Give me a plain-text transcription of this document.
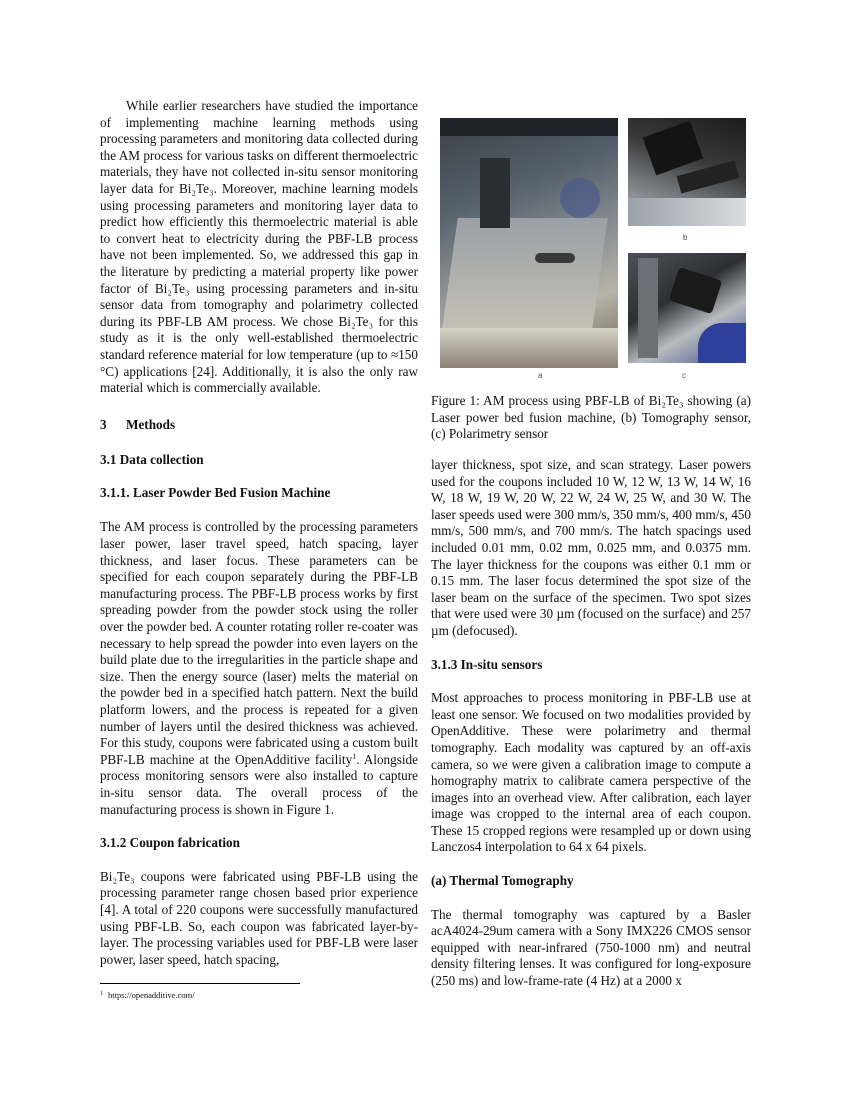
While earlier researchers have studied the importance of implementing machine learning methods using processing parameters and monitoring data collected during the AM process for various tasks on different thermoelectric materials, they have not collected in-situ sensor monitoring layer data for Bi₂Te₃. Moreover, machine learning models using processing parameters and monitoring layer data to predict how efficiently this thermoelectric material is able to convert heat to electricity during the PBF-LB process have not been implemented. So, we addressed this gap in the literature by predicting a material property like power factor of Bi₂Te₃ using processing parameters and in-situ sensor data from tomography and polarimetry collected during its PBF-LB AM process. We chose Bi₂Te₃ for this study as it is the only well-established thermoelectric standard reference material for low temperature (up to ≈150 °C) applications [24]. Additionally, it is also the only raw material which is commercially available.

3 Methods

3.1 Data collection

3.1.1. Laser Powder Bed Fusion Machine

The AM process is controlled by the processing parameters laser power, laser travel speed, hatch spacing, layer thickness, and laser focus. These parameters can be specified for each coupon separately during the PBF-LB manufacturing process. The PBF-LB process works by first spreading powder from the powder stock using the roller over the powder bed. A counter rotating roller re-coater was necessary to help spread the powder into even layers on the build plate due to the irregularities in the particle shape and size. Then the energy source (laser) melts the material on the powder bed in a specified hatch pattern. Next the build platform lowers, and the process is repeated for a given number of layers until the desired thickness was achieved. For this study, coupons were fabricated using a custom built PBF-LB machine at the OpenAdditive facility$^1$. Alongside process monitoring sensors were also installed to capture in-situ sensor data. The overall process of the manufacturing process is shown in Figure 1.

3.1.2 Coupon fabrication

Bi₂Te₃ coupons were fabricated using PBF-LB using the processing parameter range chosen based prior experience [4]. A total of 220 coupons were successfully manufactured using PBF-LB. So, each coupon was fabricated layer-by-layer. The processing variables used for PBF-LB were laser power, laser speed, hatch spacing,

b
a	c

Figure 1: AM process using PBF-LB of Bi₂Te₃ showing (a) Laser power bed fusion machine, (b) Tomography sensor, (c) Polarimetry sensor

layer thickness, spot size, and scan strategy. Laser powers used for the coupons included 10 W, 12 W, 13 W, 14 W, 16 W, 18 W, 19 W, 20 W, 22 W, 24 W, 25 W, and 30 W. The laser speeds used were 300 mm/s, 350 mm/s, 400 mm/s, 450 mm/s, 500 mm/s, and 700 mm/s. The hatch spacings used included 0.01 mm, 0.02 mm, 0.025 mm, and 0.0375 mm. The layer thickness for the coupons was either 0.1 mm or 0.15 mm. The laser focus determined the spot size of the laser beam on the surface of the specimen. Two spot sizes that were used were 30 µm (focused on the surface) and 257 µm (defocused).

3.1.3 In-situ sensors

Most approaches to process monitoring in PBF-LB use at least one sensor. We focused on two modalities provided by OpenAdditive. These were polarimetry and thermal tomography. Each modality was captured by an off-axis camera, so we were given a calibration image to compute a homography matrix to calibrate camera perspective of the images into an overhead view. After calibration, each layer image was cropped to the internal area of each coupon. These 15 cropped regions were resampled up or down using Lanczos4 interpolation to 64 x 64 pixels.

(a) Thermal Tomography

The thermal tomography was captured by a Basler acA4024-29um camera with a Sony IMX226 CMOS sensor equipped with near-infrared (750-1000 nm) and neutral density filtering lenses. It was configured for long-exposure (250 ms) and low-frame-rate (4 Hz) at a 2000 x

$^1$ https://openadditive.com/
